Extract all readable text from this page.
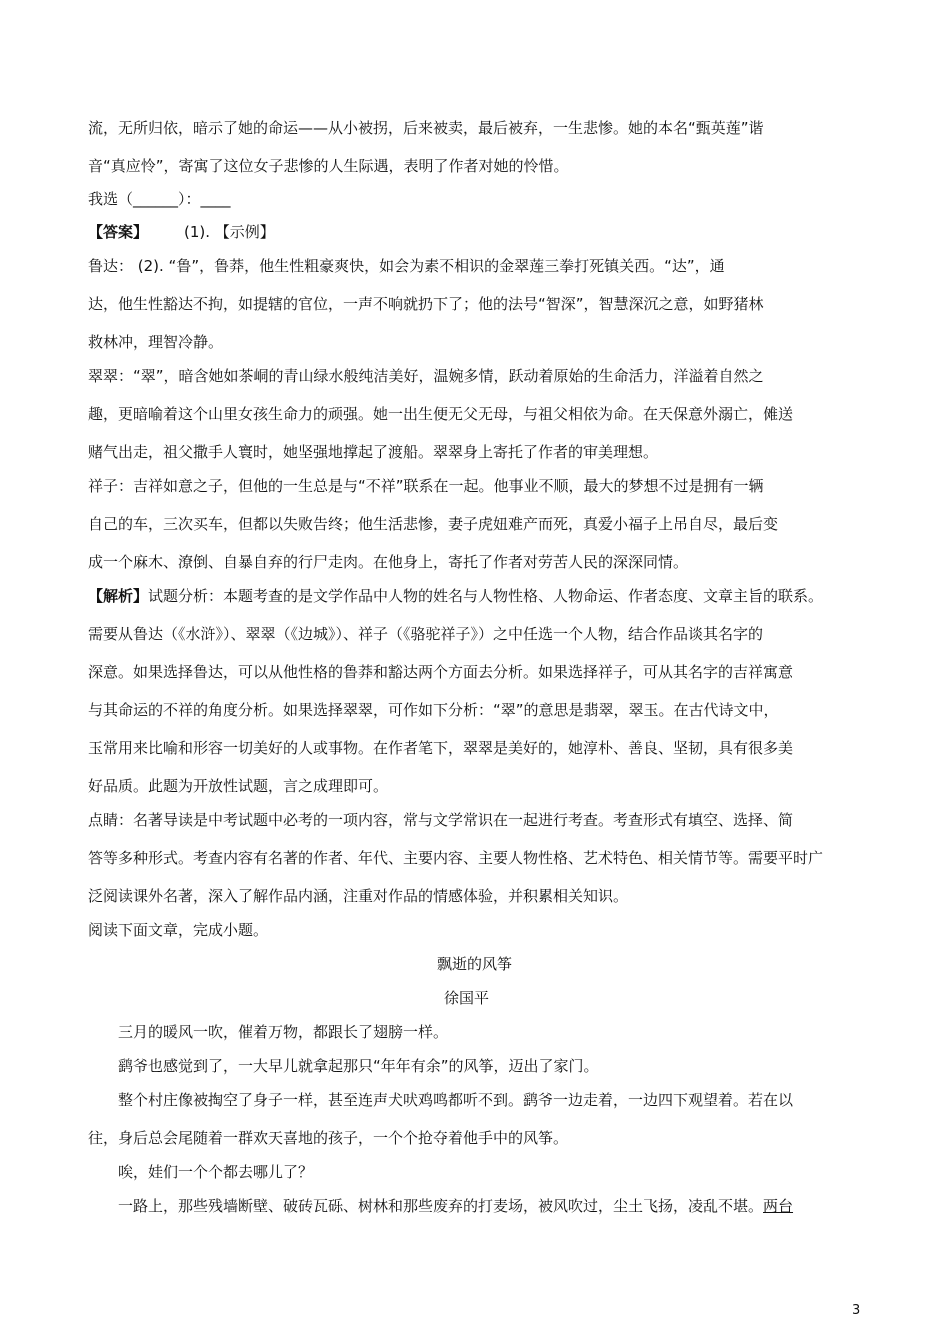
流，无所归依，暗示了她的命运——从小被拐，后来被卖，最后被弃，一生悲惨。她的本名“甄英莲”谐
音“真应怜”，寄寓了这位女子悲惨的人生际遇，表明了作者对她的怜惜。
我选（______）：____
【答案】 (1). 【示例】
鲁达： (2). “鲁”，鲁莽，他生性粗豪爽快，如会为素不相识的金翠莲三拳打死镇关西。“达”，通
达，他生性豁达不拘，如提辖的官位，一声不响就扔下了；他的法号“智深”，智慧深沉之意，如野猪林
救林冲，理智冷静。
翠翠：“翠”，暗含她如茶峒的青山绿水般纯洁美好，温婉多情，跃动着原始的生命活力，洋溢着自然之
趣，更暗喻着这个山里女孩生命力的顽强。她一出生便无父无母，与祖父相依为命。在天保意外溺亡，傩送
赌气出走，祖父撒手人寰时，她坚强地撑起了渡船。翠翠身上寄托了作者的审美理想。
祥子：吉祥如意之子，但他的一生总是与“不祥”联系在一起。他事业不顺，最大的梦想不过是拥有一辆
自己的车，三次买车，但都以失败告终；他生活悲惨，妻子虎妞难产而死，真爱小福子上吊自尽，最后变
成一个麻木、潦倒、自暴自弃的行尸走肉。在他身上，寄托了作者对劳苦人民的深深同情。
【解析】试题分析：本题考查的是文学作品中人物的姓名与人物性格、人物命运、作者态度、文章主旨的联系。
需要从鲁达（《水浒》）、翠翠（《边城》）、祥子（《骆驼祥子》）之中任选一个人物，结合作品谈其名字的
深意。如果选择鲁达，可以从他性格的鲁莽和豁达两个方面去分析。如果选择祥子，可从其名字的吉祥寓意
与其命运的不祥的角度分析。如果选择翠翠，可作如下分析：“翠”的意思是翡翠，翠玉。在古代诗文中，
玉常用来比喻和形容一切美好的人或事物。在作者笔下，翠翠是美好的，她淳朴、善良、坚韧，具有很多美
好品质。此题为开放性试题，言之成理即可。
点睛：名著导读是中考试题中必考的一项内容，常与文学常识在一起进行考查。考查形式有填空、选择、简
答等多种形式。考查内容有名著的作者、年代、主要内容、主要人物性格、艺术特色、相关情节等。需要平时广
泛阅读课外名著，深入了解作品内涵，注重对作品的情感体验，并积累相关知识。
阅读下面文章，完成小题。
飘逝的风筝
徐国平
三月的暖风一吹，催着万物，都跟长了翅膀一样。
鹞爷也感觉到了，一大早儿就拿起那只“年年有余”的风筝，迈出了家门。
整个村庄像被掏空了身子一样，甚至连声犬吠鸡鸣都听不到。鹞爷一边走着，一边四下观望着。若在以
往，身后总会尾随着一群欢天喜地的孩子，一个个抢夺着他手中的风筝。
唉，娃们一个个都去哪儿了？
一路上，那些残墙断壁、破砖瓦砾、树林和那些废弃的打麦场，被风吹过，尘土飞扬，凌乱不堪。两台
3
